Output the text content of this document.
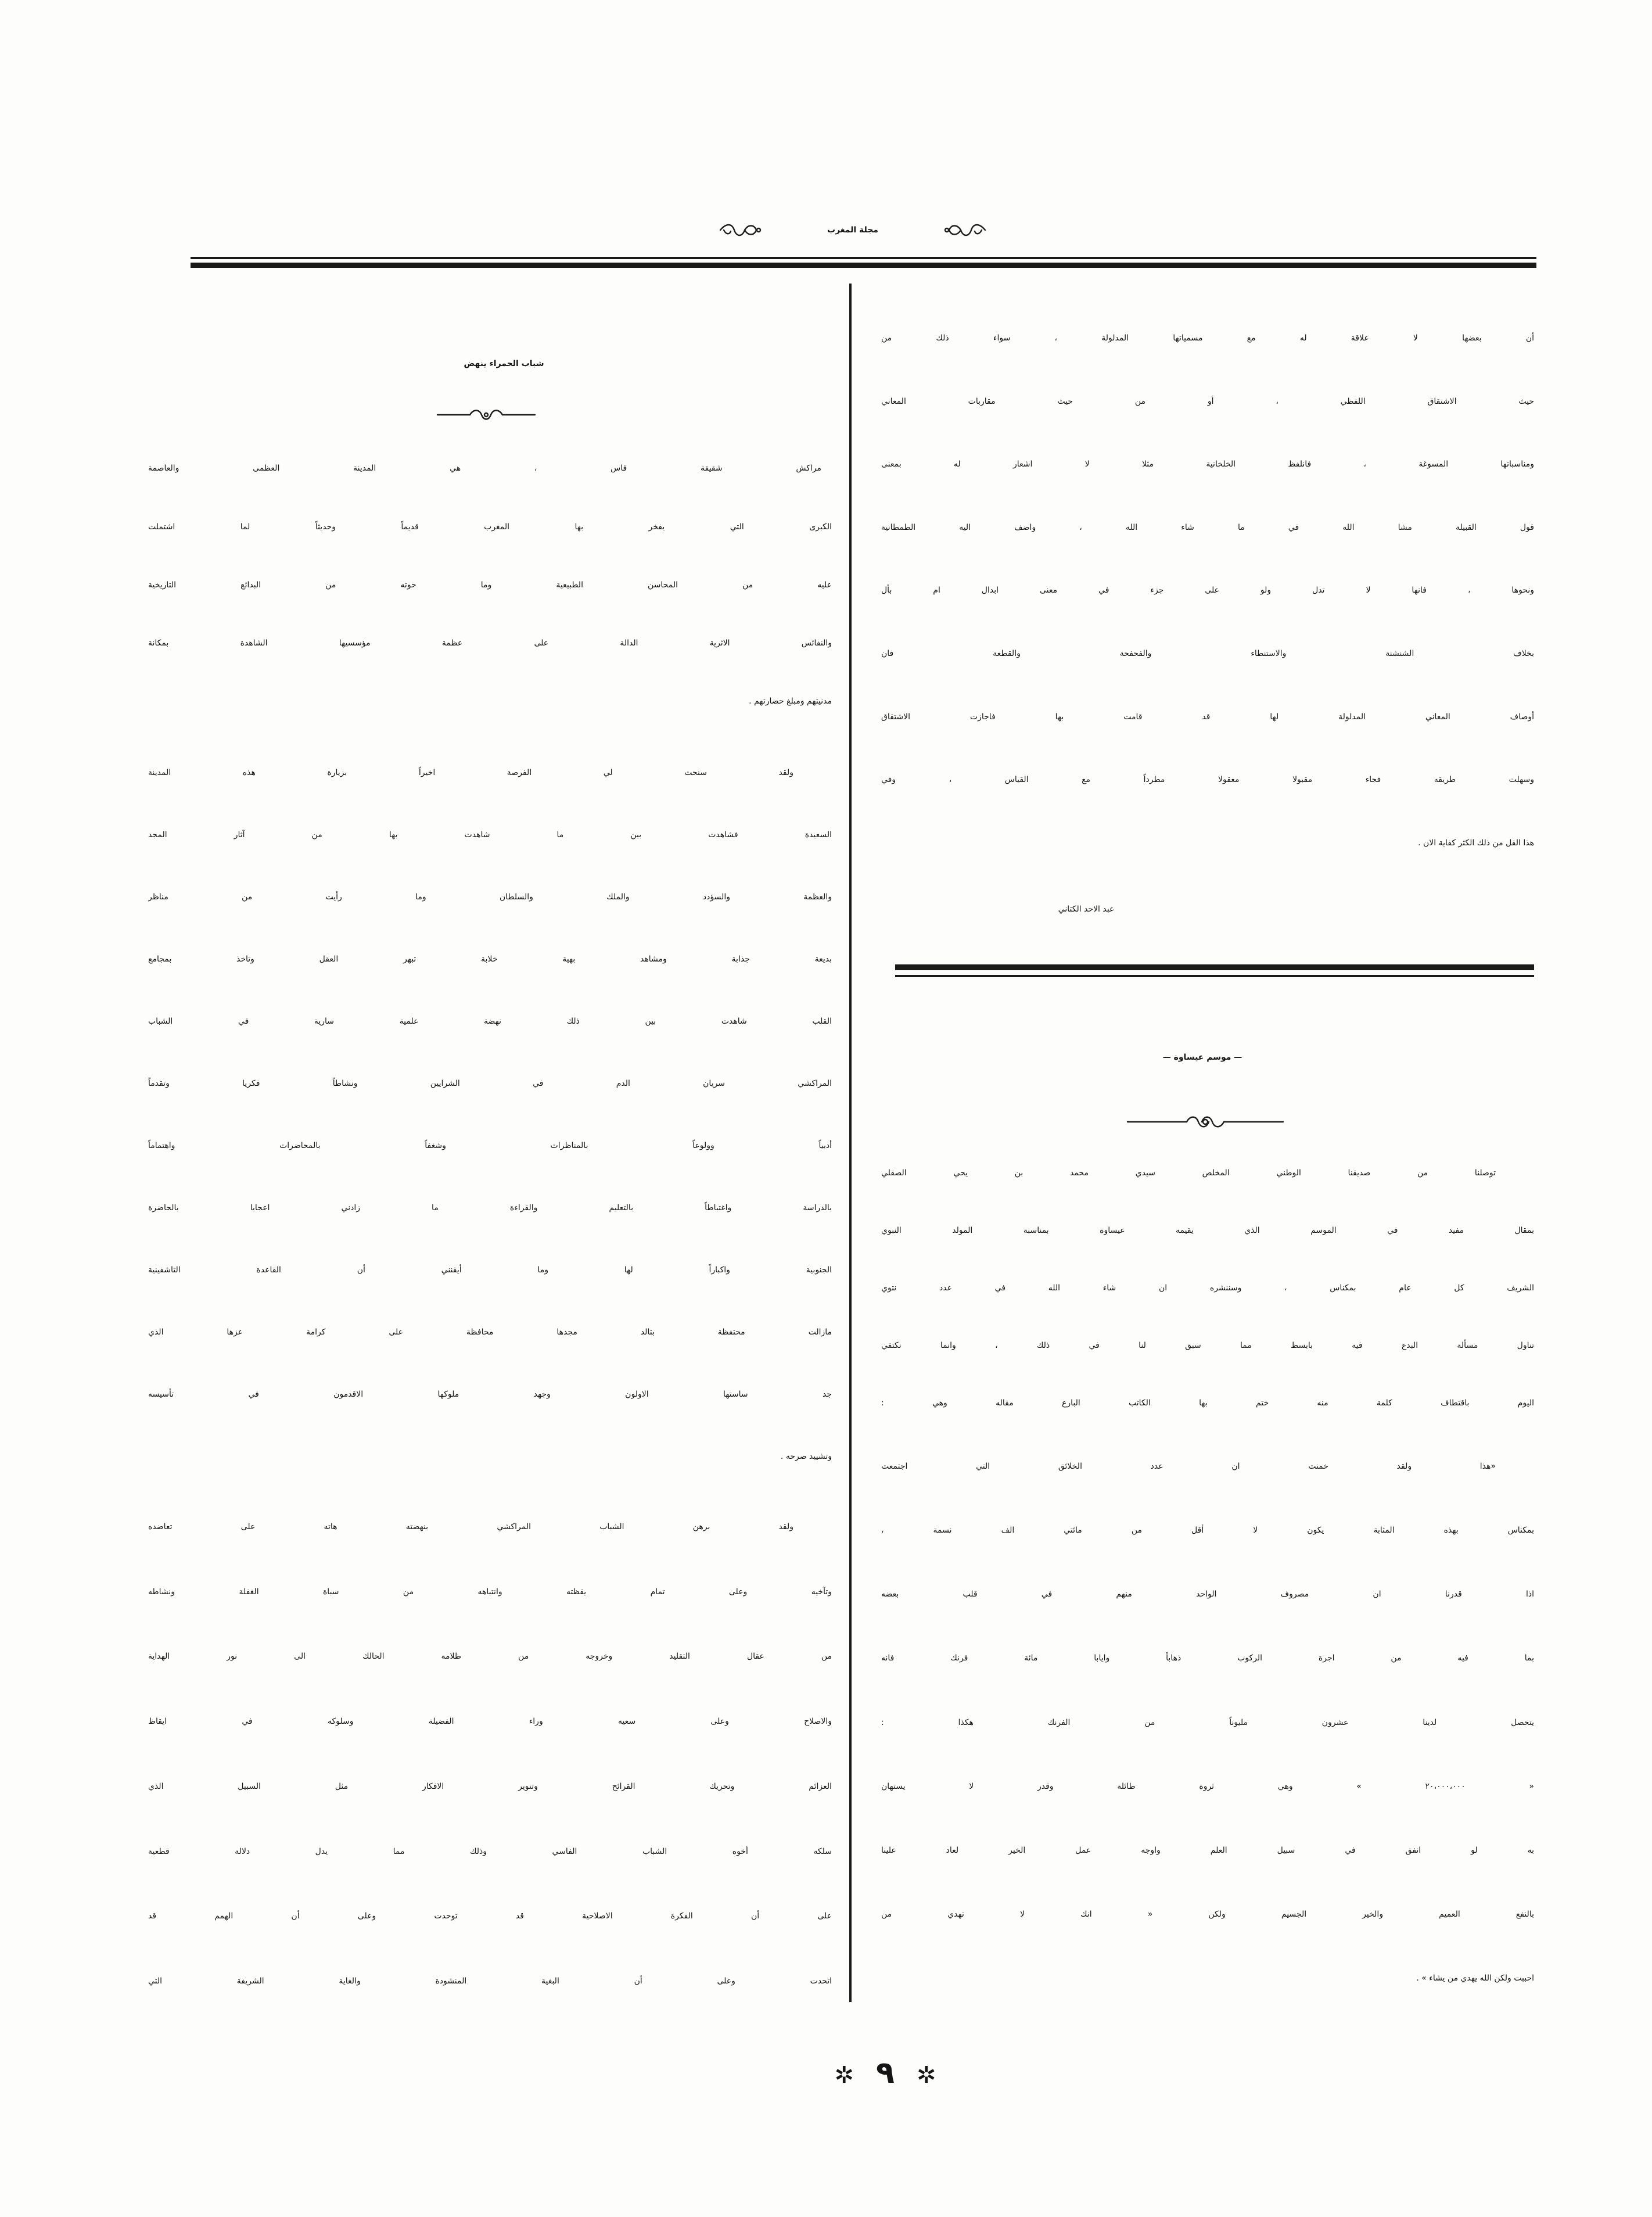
مجلة المغرب
أن بعضها لا علاقة له مع مسمياتها المدلولة ، سواء ذلك من
حيث الاشتقاق اللفظي ، أو من حيث مقاربات المعاني
ومناسباتها المسوغة ، فانلفظ الخلخانية مثلا لا اشعار له بمعنى
قول القبيلة مشا الله في ما شاء الله ، واضف اليه الطمطانية
ونحوها ، فانها لا تدل ولو على جزء في معنى ابدال ام بأل
بخلاف الشنشنة والاستنطاء والفحفحة والقطعة فان
أوصاف المعاني المدلولة لها قد قامت بها فاجازت الاشتقاق
وسهلت طريقه فجاء مقبولا معقولا مطرداً مع القياس ، وفي
هذا القل من ذلك الكثر كفاية الان .
عبد الاحد الكتاني
— موسم عيساوة —
توصلنا من صديقنا الوطني المخلص سيدي محمد بن يحي الصقلي
بمقال مفيد في الموسم الذي يقيمه عيساوة بمناسبة المولد النبوي
الشريف كل عام بمكناس ، وسننشره ان شاء الله في عدد نتوي
تناول مسألة البدع فيه بابسط مما سبق لنا في ذلك ، وانما نكتفي
اليوم باقتطاف كلمة منه ختم بها الكاتب البارع مقاله وهي :
«هذا ولقد خمنت ان عدد الخلائق التي اجتمعت
بمكناس بهذه المثابة يكون لا أقل من مائتي الف نسمة ،
اذا قدرنا ان مصروف الواحد منهم في قلب بعضه
بما فيه من اجرة الركوب ذهاباً وايابا مائة فرنك فانه
يتحصل لدينا عشرون مليوناً من الفرنك هكذا :
« ٢٠،٠٠٠،٠٠٠ » وهي ثروة طائلة وقدر لا يستهان
به لو انفق في سبيل العلم واوجه عمل الخير لعاد علينا
بالنفع العميم والخير الجسيم ولكن « انك لا تهدي من
احببت ولكن الله يهدي من يشاء » .
شباب الحمراء ينهض
مراكش شقيقة فاس ، هي المدينة العظمى والعاصمة
الكبرى التي يفخر بها المغرب قديماً وحديثاً لما اشتملت
عليه من المحاسن الطبيعية وما حوته من البدائع التاريخية
والنفائس الاثرية الدالة على عظمة مؤسسيها الشاهدة بمكانة
مدنيتهم ومبلغ حضارتهم .
ولقد سنحت لي الفرصة اخيراً بزيارة هذه المدينة
السعيدة فشاهدت بين ما شاهدت بها من آثار المجد
والعظمة والسؤدد والملك والسلطان وما رأيت من مناظر
بديعة جذابة ومشاهد بهية خلابة تبهر العقل وتاخذ بمجامع
القلب شاهدت بين ذلك نهضة علمية سارية في الشباب
المراكشي سريان الدم في الشرايين ونشاطاً فكريا وتقدماً
أدبياً وولوعاً بالمناظرات وشغفاً بالمحاضرات واهتماماً
بالدراسة واغتباطاً بالتعليم والقراءة ما زادني اعجابا بالحاضرة
الجنوبية واكباراً لها وما أيقنني أن القاعدة التاشفينية
مازالت محتفظة بتالد مجدها محافظة على كرامة عزها الذي
جد ساستها الاولون وجهد ملوكها الاقدمون في تأسيسه
وتشييد صرحه .
ولقد برهن الشباب المراكشي بنهضته هاته على تعاضده
وتآخيه وعلى تمام يقظته وانتباهه من سباة الغفلة ونشاطه
من عقال التقليد وخروجه من ظلامه الحالك الى نور الهداية
والاصلاح وعلى سعيه وراء الفضيلة وسلوكه في ايقاظ
العزائم وتحريك القرائح وتنوير الافكار مثل السبيل الذي
سلكه أخوه الشباب الفاسي وذلك مما يدل دلالة قطعية
على أن الفكرة الاصلاحية قد توحدت وعلى أن الهمم قد
اتحدت وعلى أن البغية المنشودة والغاية الشريفة التي
✲ ٩ ✲
